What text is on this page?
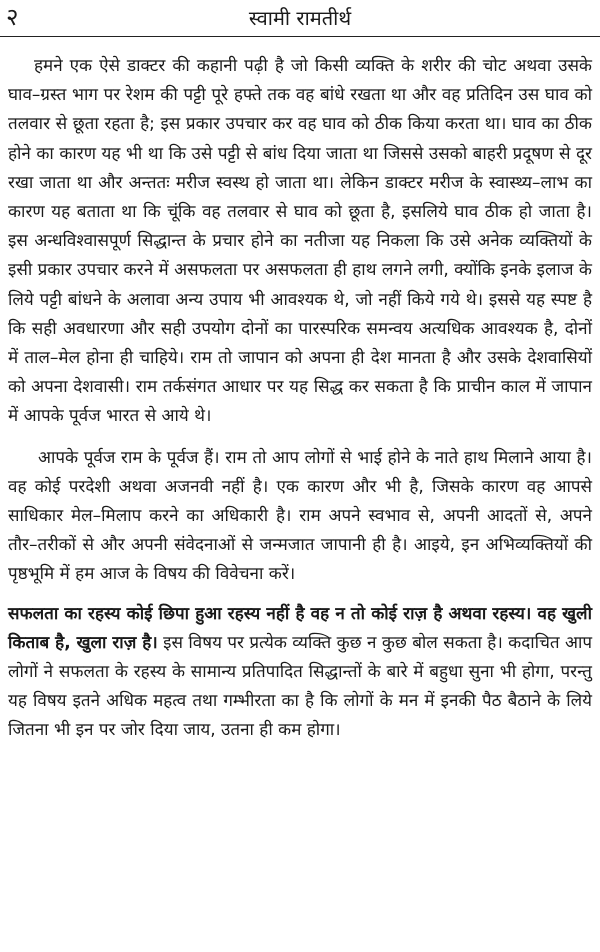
२	स्वामी रामतीर्थ

हमने एक ऐसे डाक्टर की कहानी पढ़ी है जो किसी व्यक्ति के शरीर की चोट अथवा उसके घाव–ग्रस्त भाग पर रेशम की पट्टी पूरे हफ्ते तक वह बांधे रखता था और वह प्रतिदिन उस घाव को तलवार से छूता रहता है; इस प्रकार उपचार कर वह घाव को ठीक किया करता था। घाव का ठीक होने का कारण यह भी था कि उसे पट्टी से बांध दिया जाता था जिससे उसको बाहरी प्रदूषण से दूर रखा जाता था और अन्ततः मरीज स्वस्थ हो जाता था। लेकिन डाक्टर मरीज के स्वास्थ्य–लाभ का कारण यह बताता था कि चूंकि वह तलवार से घाव को छूता है, इसलिये घाव ठीक हो जाता है। इस अन्धविश्वासपूर्ण सिद्धान्त के प्रचार होने का नतीजा यह निकला कि उसे अनेक व्यक्तियों के इसी प्रकार उपचार करने में असफलता पर असफलता ही हाथ लगने लगी, क्योंकि इनके इलाज के लिये पट्टी बांधने के अलावा अन्य उपाय भी आवश्यक थे, जो नहीं किये गये थे। इससे यह स्पष्ट है कि सही अवधारणा और सही उपयोग दोनों का पारस्परिक समन्वय अत्यधिक आवश्यक है, दोनों में ताल–मेल होना ही चाहिये। राम तो जापान को अपना ही देश मानता है और उसके देशवासियों को अपना देशवासी। राम तर्कसंगत आधार पर यह सिद्ध कर सकता है कि प्राचीन काल में जापान में आपके पूर्वज भारत से आये थे।

आपके पूर्वज राम के पूर्वज हैं। राम तो आप लोगों से भाई होने के नाते हाथ मिलाने आया है। वह कोई परदेशी अथवा अजनवी नहीं है। एक कारण और भी है, जिसके कारण वह आपसे साधिकार मेल–मिलाप करने का अधिकारी है। राम अपने स्वभाव से, अपनी आदतों से, अपने तौर–तरीकों से और अपनी संवेदनाओं से जन्मजात जापानी ही है। आइये, इन अभिव्यक्तियों की पृष्ठभूमि में हम आज के विषय की विवेचना करें।

सफलता का रहस्य कोई छिपा हुआ रहस्य नहीं है वह न तो कोई राज़ है अथवा रहस्य। वह खुली किताब है, खुला राज़ है। इस विषय पर प्रत्येक व्यक्ति कुछ न कुछ बोल सकता है। कदाचित आप लोगों ने सफलता के रहस्य के सामान्य प्रतिपादित सिद्धान्तों के बारे में बहुधा सुना भी होगा, परन्तु यह विषय इतने अधिक महत्व तथा गम्भीरता का है कि लोगों के मन में इनकी पैठ बैठाने के लिये जितना भी इन पर जोर दिया जाय, उतना ही कम होगा।
